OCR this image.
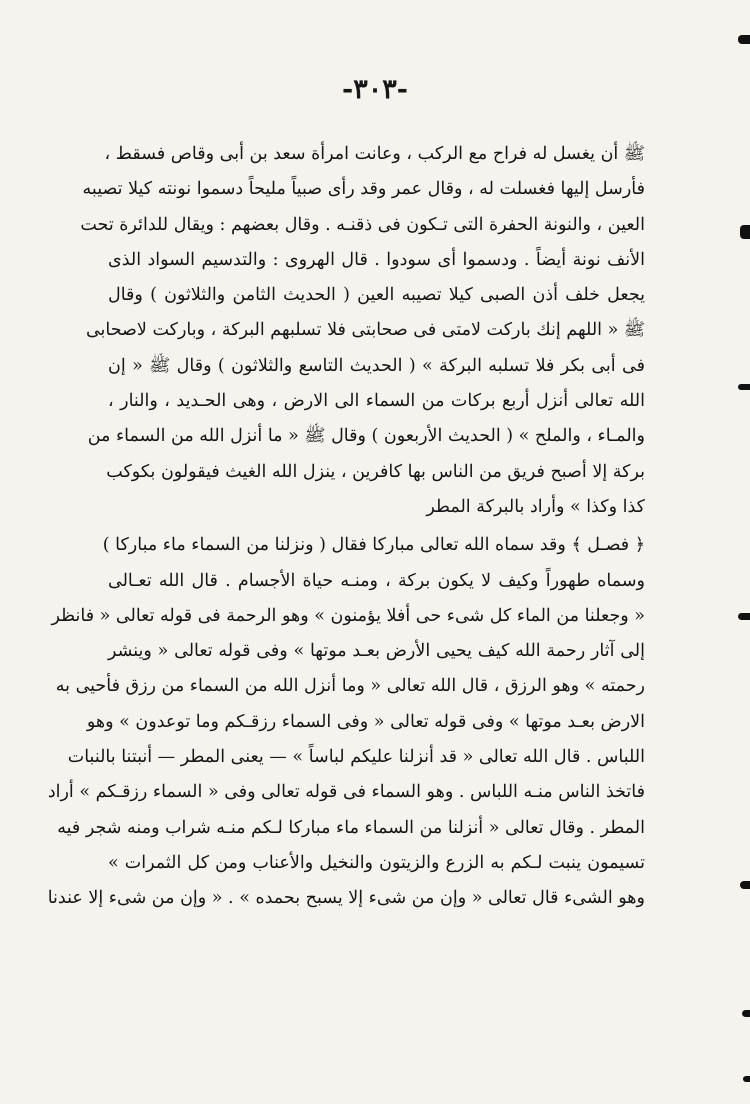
-٣٠٣-
ﷺ أن يغسل له فراح مع الركب ، وعانت امرأة سعد بن أبى وقاص فسقط ،
فأرسل إليها فغسلت له ، وقال عمر وقد رأى صبياً مليحاً دسموا نونته كيلا تصيبه
العين ، والنونة الحفرة التى تـكون فى ذقنـه . وقال بعضهم : ويقال للدائرة تحت
الأنف نونة أيضاً . ودسموا أى سودوا . قال الهروى : والتدسيم السواد الذى
يجعل خلف أذن الصبى كيلا تصيبه العين ( الحديث الثامن والثلاثون ) وقال
ﷺ « اللهم إنك باركت لامتى فى صحابتى فلا تسلبهم البركة ، وباركت لاصحابى
فى أبى بكر فلا تسلبه البركة » ( الحديث التاسع والثلاثون ) وقال ﷺ « إن
الله تعالى أنزل أربع بركات من السماء الى الارض ، وهى الحـديد ، والنار ،
والمـاء ، والملح » ( الحديث الأربعون ) وقال ﷺ « ما أنزل الله من السماء من
بركة إلا أصبح فريق من الناس بها كافرين ، ينزل الله الغيث فيقولون بكوكب
كذا وكذا » وأراد بالبركة المطر
﴿ فصـل ﴾ وقد سماه الله تعالى مباركا فقال ( ونزلنا من السماء ماء مباركا )
وسماه طهوراً وكيف لا يكون بركة ، ومنـه حياة الأجسام . قال الله تعـالى
« وجعلنا من الماء كل شىء حى أفلا يؤمنون » وهو الرحمة فى قوله تعالى « فانظر
إلى آثار رحمة الله كيف يحيى الأرض بعـد موتها » وفى قوله تعالى « وينشر
رحمته » وهو الرزق ، قال الله تعالى « وما أنزل الله من السماء من رزق فأحيى به
الارض بعـد موتها » وفى قوله تعالى « وفى السماء رزقـكم وما توعدون » وهو
اللباس . قال الله تعالى « قد أنزلنا عليكم لباساً » — يعنى المطر — أنبتنا بالنبات
فاتخذ الناس منـه اللباس . وهو السماء فى قوله تعالى وفى « السماء رزقـكم » أراد
المطر . وقال تعالى « أنزلنا من السماء ماء مباركا لـكم منـه شراب ومنه شجر فيه
تسيمون ينبت لـكم به الزرع والزيتون والنخيل والأعناب ومن كل الثمرات »
وهو الشىء قال تعالى « وإن من شىء إلا يسبح بحمده » . « وإن من شىء إلا عندنا
